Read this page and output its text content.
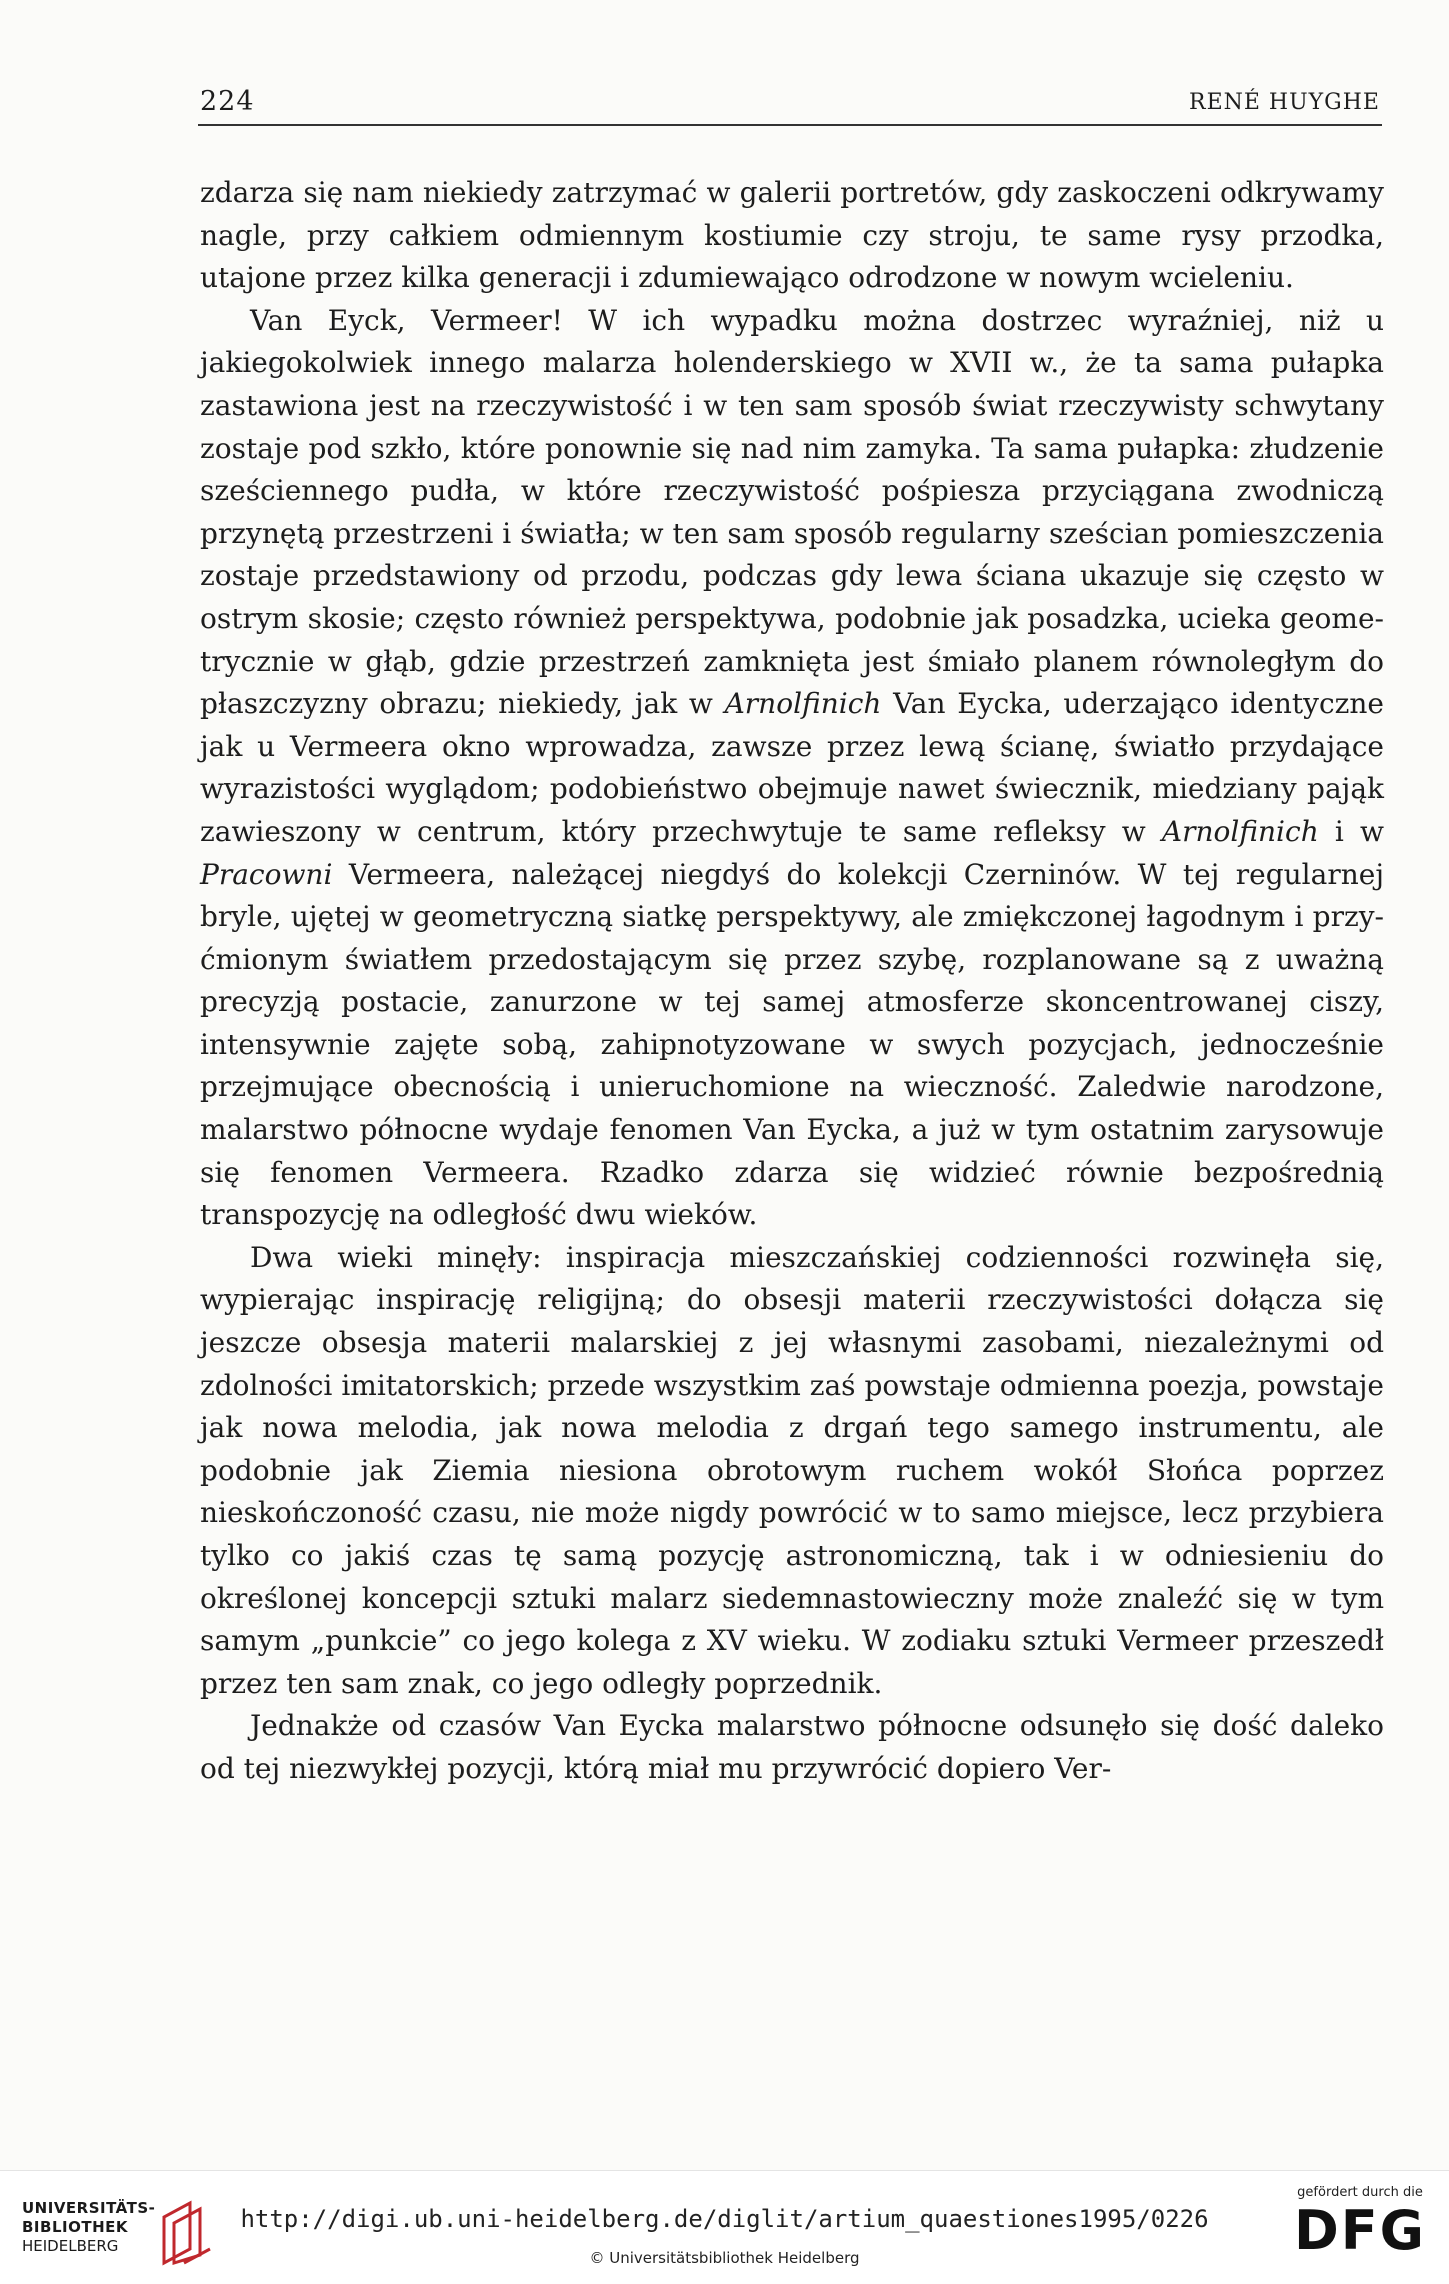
224	RENÉ HUYGHE

zdarza się nam niekiedy zatrzymać w galerii portretów, gdy zaskoczeni odkrywamy nagle, przy całkiem odmiennym kostiumie czy stroju, te same rysy przodka, utajone przez kilka generacji i zdumiewająco odrodzone w nowym wcieleniu.

Van Eyck, Vermeer! W ich wypadku można dostrzec wyraźniej, niż u jakiegokolwiek innego malarza holenderskiego w XVII w., że ta sama pułapka zastawiona jest na rzeczywistość i w ten sam sposób świat rzeczywisty schwytany zostaje pod szkło, które ponownie się nad nim zamyka. Ta sama pułapka: złudzenie sześciennego pudła, w które rzeczywistość pośpiesza przyciągana zwodniczą przynętą przestrzeni i światła; w ten sam sposób regularny sześcian pomieszczenia zostaje przedstawiony od przodu, podczas gdy lewa ściana ukazuje się często w ostrym skosie; często również perspektywa, podobnie jak posadzka, ucieka geometrycznie w głąb, gdzie przestrzeń zamknięta jest śmiało planem równoległym do płaszczyzny obrazu; niekiedy, jak w Arnolfinich Van Eycka, uderzająco identyczne jak u Vermeera okno wprowadza, zawsze przez lewą ścianę, światło przydające wyrazistości wyglądom; podobieństwo obejmuje nawet świecznik, miedziany pająk zawieszony w centrum, który przechwytuje te same refleksy w Arnolfinich i w Pracowni Vermeera, należącej niegdyś do kolekcji Czerninów. W tej regularnej bryle, ujętej w geometryczną siatkę perspektywy, ale zmiękczonej łagodnym i przyćmionym światłem przedostającym się przez szybę, rozplanowane są z uważną precyzją postacie, zanurzone w tej samej atmosferze skoncentrowanej ciszy, intensywnie zajęte sobą, zahipnotyzowane w swych pozycjach, jednocześnie przejmujące obecnością i unieruchomione na wieczność. Zaledwie narodzone, malarstwo północne wydaje fenomen Van Eycka, a już w tym ostatnim zarysowuje się fenomen Vermeera. Rzadko zdarza się widzieć równie bezpośrednią transpozycję na odległość dwu wieków.

Dwa wieki minęły: inspiracja mieszczańskiej codzienności rozwinęła się, wypierając inspirację religijną; do obsesji materii rzeczywistości dołącza się jeszcze obsesja materii malarskiej z jej własnymi zasobami, niezależnymi od zdolności imitatorskich; przede wszystkim zaś powstaje odmienna poezja, powstaje jak nowa melodia, jak nowa melodia z drgań tego samego instrumentu, ale podobnie jak Ziemia niesiona obrotowym ruchem wokół Słońca poprzez nieskończoność czasu, nie może nigdy powrócić w to samo miejsce, lecz przybiera tylko co jakiś czas tę samą pozycję astronomiczną, tak i w odniesieniu do określonej koncepcji sztuki malarz siedemnastowieczny może znaleźć się w tym samym „punkcie” co jego kolega z XV wieku. W zodiaku sztuki Vermeer przeszedł przez ten sam znak, co jego odległy poprzednik.

Jednakże od czasów Van Eycka malarstwo północne odsunęło się dość daleko od tej niezwykłej pozycji, którą miał mu przywrócić dopiero Ver-

UNIVERSITÄTS-
BIBLIOTHEK
HEIDELBERG
http://digi.ub.uni-heidelberg.de/diglit/artium_quaestiones1995/0226
© Universitätsbibliothek Heidelberg
gefördert durch die
DFG
